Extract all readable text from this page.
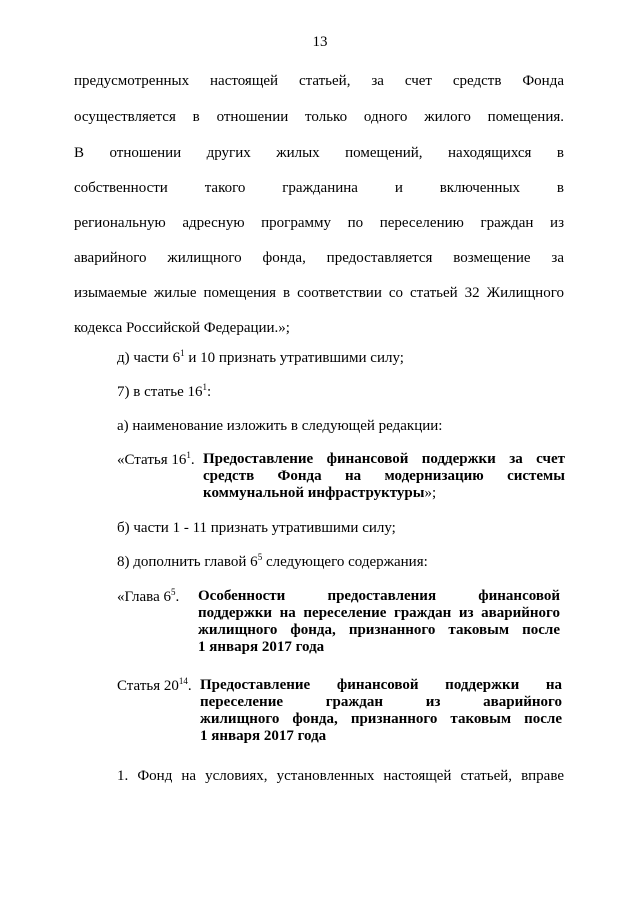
13
предусмотренных настоящей статьей, за счет средств Фонда
осуществляется в отношении только одного жилого помещения.
В отношении других жилых помещений, находящихся в
собственности такого гражданина и включенных в
региональную адресную программу по переселению граждан из
аварийного жилищного фонда, предоставляется возмещение за
изымаемые жилые помещения в соответствии со статьей 32 Жилищного
кодекса Российской Федерации.»;
д) части $6^1$ и 10 признать утратившими силу;
7) в статье $16^1$:
а) наименование изложить в следующей редакции:
«Статья $16^1$. Предоставление финансовой поддержки за счет
средств Фонда на модернизацию системы
коммунальной инфраструктуры»;
б) части 1 - 11 признать утратившими силу;
8) дополнить главой $6^5$ следующего содержания:
«Глава $6^5$. Особенности предоставления финансовой
поддержки на переселение граждан из аварийного
жилищного фонда, признанного таковым после
1 января 2017 года
Статья $20^{14}$. Предоставление финансовой поддержки на
переселение граждан из аварийного
жилищного фонда, признанного таковым после
1 января 2017 года
1. Фонд на условиях, установленных настоящей статьей, вправе
